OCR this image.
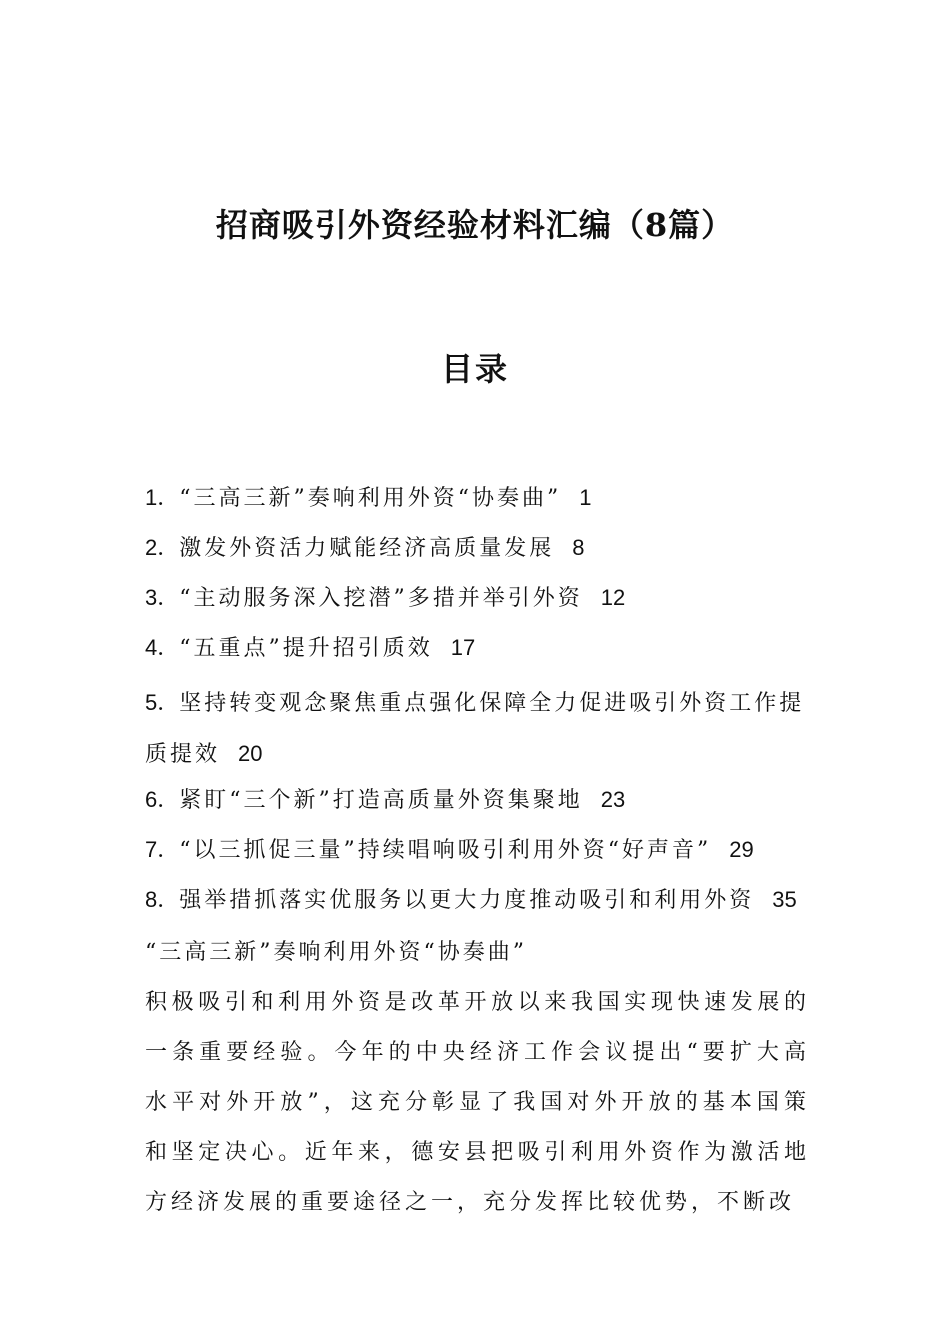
招商吸引外资经验材料汇编（8篇）
目录
1．“三高三新”奏响利用外资“协奏曲” 1
2．激发外资活力赋能经济高质量发展 8
3．“主动服务深入挖潜”多措并举引外资 12
4．“五重点”提升招引质效 17
5．坚持转变观念聚焦重点强化保障全力促进吸引外资工作提质提效 20
6．紧盯“三个新”打造高质量外资集聚地 23
7．“以三抓促三量”持续唱响吸引利用外资“好声音” 29
8．强举措抓落实优服务以更大力度推动吸引和利用外资 35
“三高三新”奏响利用外资“协奏曲”

积极吸引和利用外资是改革开放以来我国实现快速发展的一条重要经验。今年的中央经济工作会议提出“要扩大高水平对外开放”，这充分彰显了我国对外开放的基本国策和坚定决心。近年来，德安县把吸引利用外资作为激活地方经济发展的重要途径之一，充分发挥比较优势，不断改
